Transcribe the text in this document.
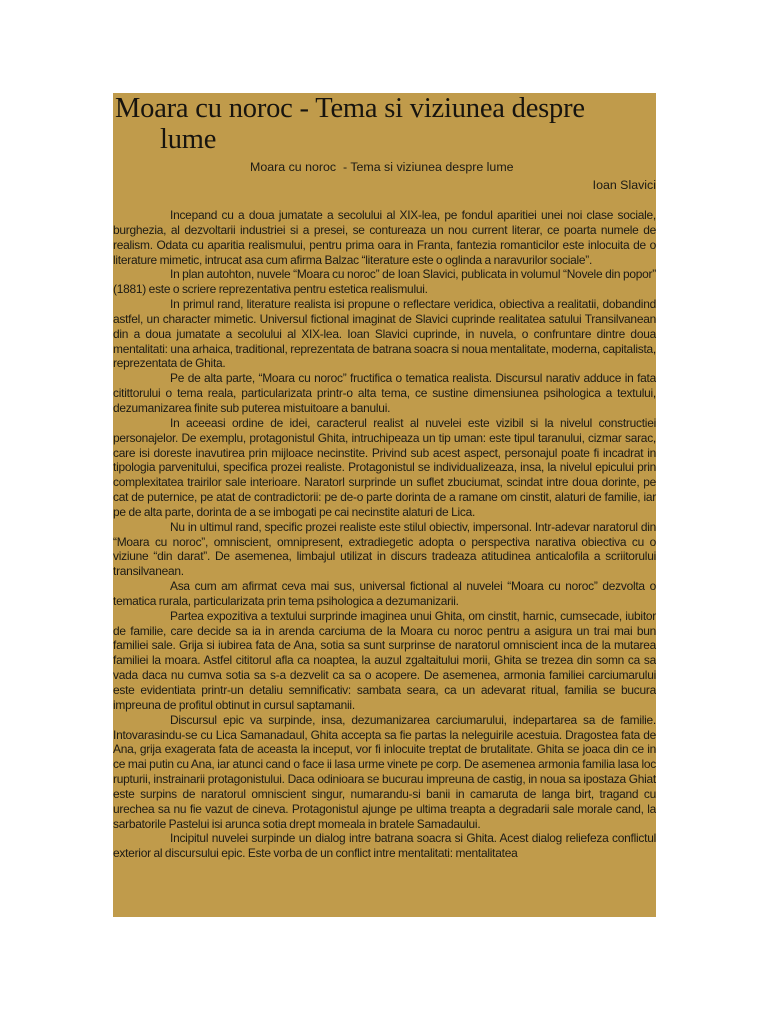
Moara cu noroc - Tema si viziunea despre
lume
Moara cu noroc  - Tema si viziunea despre lume
Ioan Slavici

Incepand cu a doua jumatate a secolului al XIX-lea, pe fondul aparitiei unei noi clase sociale, burghezia, al dezvoltarii industriei si a presei, se contureaza un nou current literar, ce poarta numele de realism. Odata cu aparitia realismului, pentru prima oara in Franta, fantezia romanticilor este inlocuita de o literature mimetic, intrucat asa cum afirma Balzac “literature este o oglinda a naravurilor sociale”.

In plan autohton, nuvele “Moara cu noroc” de Ioan Slavici, publicata in volumul “Novele din popor” (1881) este o scriere reprezentativa pentru estetica realismului.

In primul rand, literature realista isi propune o reflectare veridica, obiectiva a realitatii, dobandind astfel, un character mimetic. Universul fictional imaginat de Slavici cuprinde realitatea satului Transilvanean din a doua jumatate a secolului al XIX-lea. Ioan Slavici cuprinde, in nuvela, o confruntare dintre doua mentalitati: una arhaica, traditional, reprezentata de batrana soacra si noua mentalitate, moderna, capitalista, reprezentata de Ghita.

Pe de alta parte, “Moara cu noroc” fructifica o tematica realista. Discursul narativ adduce in fata citittorului o tema reala, particularizata printr-o alta tema, ce sustine dimensiunea psihologica a textului, dezumanizarea finite sub puterea mistuitoare a banului.

In aceeasi ordine de idei, caracterul realist al nuvelei este vizibil si la nivelul constructiei personajelor. De exemplu, protagonistul Ghita, intruchipeaza un tip uman: este tipul taranului, cizmar sarac, care isi doreste inavutirea prin mijloace necinstite. Privind sub acest aspect, personajul poate fi incadrat in tipologia parvenitului, specifica prozei realiste. Protagonistul se individualizeaza, insa, la nivelul epicului prin complexitatea trairilor sale interioare. Naratorl surprinde un suflet zbuciumat, scindat intre doua dorinte, pe cat de puternice, pe atat de contradictorii: pe de-o parte dorinta de a ramane om cinstit, alaturi de familie, iar pe de alta parte, dorinta de a se imbogati pe cai necinstite alaturi de Lica.

Nu in ultimul rand, specific prozei realiste este stilul obiectiv, impersonal. Intr-adevar naratorul din “Moara cu noroc”, omniscient, omnipresent, extradiegetic adopta o perspectiva narativa obiectiva cu o viziune “din darat”. De asemenea, limbajul utilizat in discurs tradeaza atitudinea anticalofila a scriitorului transilvanean.

Asa cum am afirmat ceva mai sus, universal fictional al nuvelei “Moara cu noroc” dezvolta o tematica rurala, particularizata prin tema psihologica a dezumanizarii.

Partea expozitiva a textului surprinde imaginea unui Ghita, om cinstit, harnic, cumsecade, iubitor de familie, care decide sa ia in arenda carciuma de la Moara cu noroc pentru a asigura un trai mai bun familiei sale. Grija si iubirea fata de Ana, sotia sa sunt surprinse de naratorul omniscient inca de la mutarea familiei la moara. Astfel cititorul afla ca noaptea, la auzul zgaltaitului morii, Ghita se trezea din somn ca sa vada daca nu cumva sotia sa s-a dezvelit ca sa o acopere. De asemenea, armonia familiei carciumarului este evidentiata printr-un detaliu semnificativ: sambata seara, ca un adevarat ritual, familia se bucura impreuna de profitul obtinut in cursul saptamanii.

Discursul epic va surpinde, insa, dezumanizarea carciumarului, indepartarea sa de familie. Intovarasindu-se cu Lica Samanadaul, Ghita accepta sa fie partas la neleguirile acestuia. Dragostea fata de Ana, grija exagerata fata de aceasta la inceput, vor fi inlocuite treptat de brutalitate. Ghita se joaca din ce in ce mai putin cu Ana, iar atunci cand o face ii lasa urme vinete pe corp. De asemenea armonia familia lasa loc rupturii, instrainarii protagonistului. Daca odinioara se bucurau impreuna de castig, in noua sa ipostaza Ghiat este surpins de naratorul omniscient singur, numarandu-si banii in camaruta de langa birt, tragand cu urechea sa nu fie vazut de cineva. Protagonistul ajunge pe ultima treapta a degradarii sale morale cand, la sarbatorile Pastelui isi arunca sotia drept momeala in bratele Samadaului.

Incipitul nuvelei surpinde un dialog intre batrana soacra si Ghita. Acest dialog reliefeza conflictul exterior al discursului epic. Este vorba de un conflict intre mentalitati: mentalitatea
